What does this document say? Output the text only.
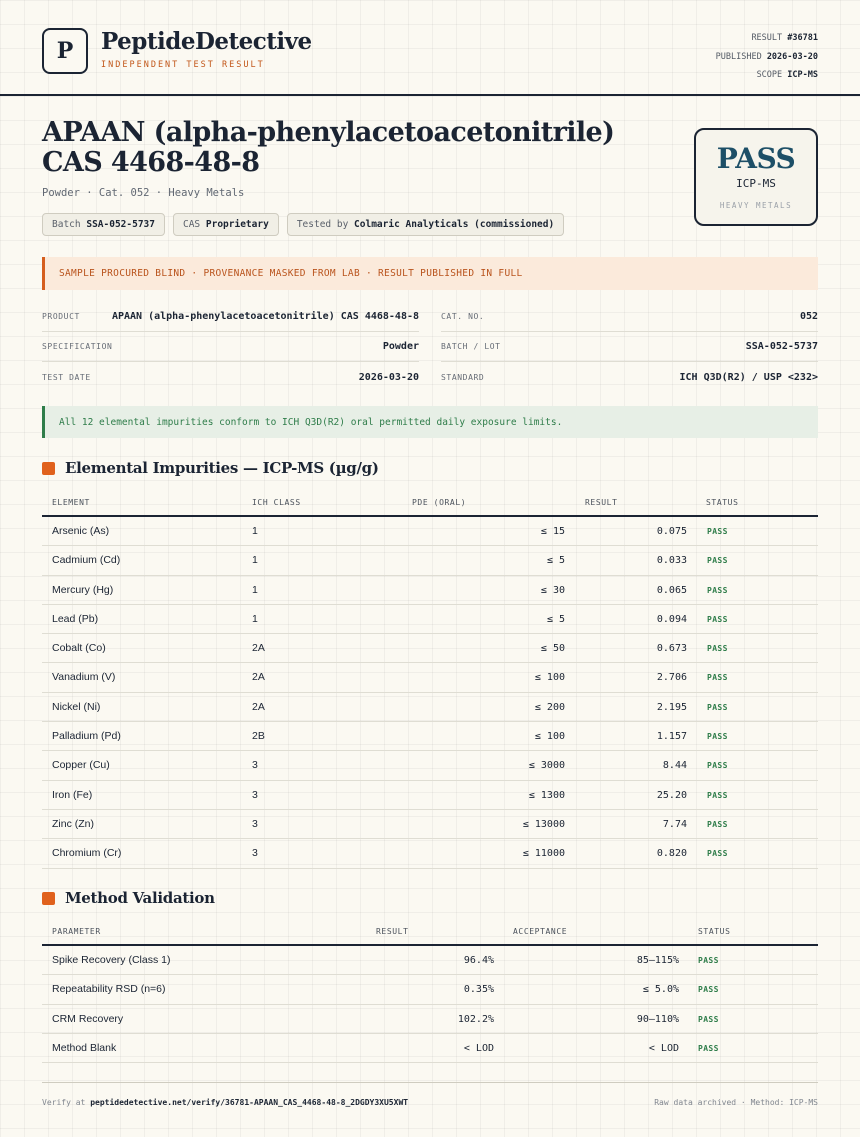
P	PeptideDetective
INDEPENDENT TEST RESULT
RESULT #36781
PUBLISHED 2026-03-20
SCOPE ICP-MS
APAAN (alpha-phenylacetoacetonitrile) CAS 4468-48-8
Powder · Cat. 052 · Heavy Metals
Batch SSA-052-5737	CAS Proprietary	Tested by Colmaric Analyticals (commissioned)
PASS
ICP-MS
HEAVY METALS
SAMPLE PROCURED BLIND · PROVENANCE MASKED FROM LAB · RESULT PUBLISHED IN FULL
PRODUCT	APAAN (alpha-phenylacetoacetonitrile) CAS 4468-48-8
SPECIFICATION	Powder
TEST DATE	2026-03-20
CAT. NO.	052
BATCH / LOT	SSA-052-5737
STANDARD	ICH Q3D(R2) / USP <232>
All 12 elemental impurities conform to ICH Q3D(R2) oral permitted daily exposure limits.
Elemental Impurities — ICP-MS (µg/g)
ELEMENT	ICH CLASS	PDE (ORAL)	RESULT	STATUS
Arsenic (As)	1	≤ 15	0.075	PASS
Cadmium (Cd)	1	≤ 5	0.033	PASS
Mercury (Hg)	1	≤ 30	0.065	PASS
Lead (Pb)	1	≤ 5	0.094	PASS
Cobalt (Co)	2A	≤ 50	0.673	PASS
Vanadium (V)	2A	≤ 100	2.706	PASS
Nickel (Ni)	2A	≤ 200	2.195	PASS
Palladium (Pd)	2B	≤ 100	1.157	PASS
Copper (Cu)	3	≤ 3000	8.44	PASS
Iron (Fe)	3	≤ 1300	25.20	PASS
Zinc (Zn)	3	≤ 13000	7.74	PASS
Chromium (Cr)	3	≤ 11000	0.820	PASS
Method Validation
PARAMETER	RESULT	ACCEPTANCE	STATUS
Spike Recovery (Class 1)	96.4%	85–115% PASS
Repeatability RSD (n=6)	0.35%	≤ 5.0% PASS
CRM Recovery	102.2%	90–110% PASS
Method Blank	< LOD	< LOD PASS
Verify at peptidedetective.net/verify/36781-APAAN_CAS_4468-48-8_2DGDY3XU5XWT	Raw data archived · Method: ICP-MS
